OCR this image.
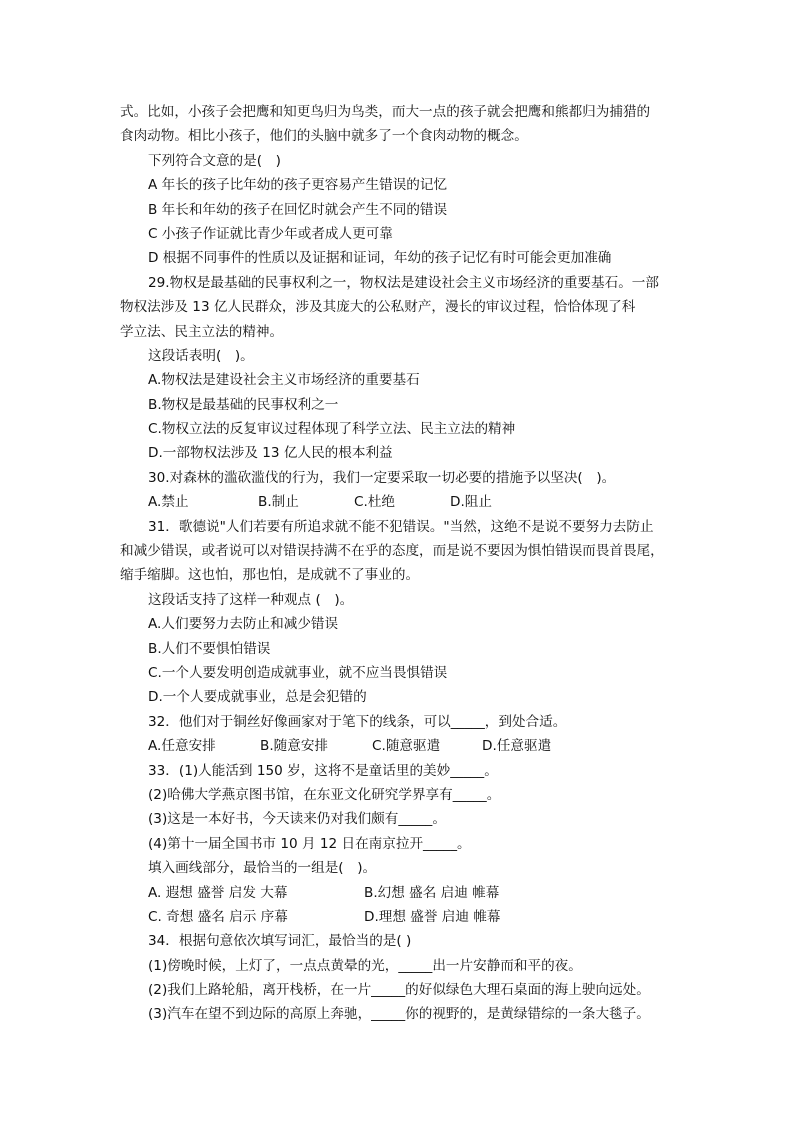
式。比如，小孩子会把鹰和知更鸟归为鸟类，而大一点的孩子就会把鹰和熊都归为捕猎的
食肉动物。相比小孩子，他们的头脑中就多了一个食肉动物的概念。
下列符合文意的是(　)
A 年长的孩子比年幼的孩子更容易产生错误的记忆
B 年长和年幼的孩子在回忆时就会产生不同的错误
C 小孩子作证就比青少年或者成人更可靠
D 根据不同事件的性质以及证据和证词，年幼的孩子记忆有时可能会更加准确
29.物权是最基础的民事权利之一，物权法是建设社会主义市场经济的重要基石。一部
物权法涉及 13 亿人民群众，涉及其庞大的公私财产，漫长的审议过程，恰恰体现了科
学立法、民主立法的精神。
这段话表明(　)。
A.物权法是建设社会主义市场经济的重要基石
B.物权是最基础的民事权利之一
C.物权立法的反复审议过程体现了科学立法、民主立法的精神
D.一部物权法涉及 13 亿人民的根本利益
30.对森林的滥砍滥伐的行为，我们一定要采取一切必要的措施予以坚决(　)。
A.禁止	B.制止	C.杜绝	D.阻止
31．歌德说"人们若要有所追求就不能不犯错误。"当然，这绝不是说不要努力去防止
和减少错误，或者说可以对错误持满不在乎的态度，而是说不要因为惧怕错误而畏首畏尾，
缩手缩脚。这也怕，那也怕，是成就不了事业的。
这段话支持了这样一种观点 (　)。
A.人们要努力去防止和减少错误
B.人们不要惧怕错误
C.一个人要发明创造成就事业，就不应当畏惧错误
D.一个人要成就事业，总是会犯错的
32．他们对于铜丝好像画家对于笔下的线条，可以_____，到处合适。
A.任意安排	B.随意安排	C.随意驱遣	D.任意驱遣
33．(1)人能活到 150 岁，这将不是童话里的美妙_____。
(2)哈佛大学燕京图书馆，在东亚文化研究学界享有_____。
(3)这是一本好书，今天读来仍对我们颇有_____。
(4)第十一届全国书市 10 月 12 日在南京拉开_____。
填入画线部分，最恰当的一组是(　)。
A. 遐想 盛誉 启发 大幕	B.幻想 盛名 启迪 帷幕
C. 奇想 盛名 启示 序幕	D.理想 盛誉 启迪 帷幕
34．根据句意依次填写词汇，最恰当的是( )
(1)傍晚时候，上灯了，一点点黄晕的光，_____出一片安静而和平的夜。
(2)我们上路轮船，离开栈桥，在一片_____的好似绿色大理石桌面的海上驶向远处。
(3)汽车在望不到边际的高原上奔驰，_____你的视野的，是黄绿错综的一条大毯子。
